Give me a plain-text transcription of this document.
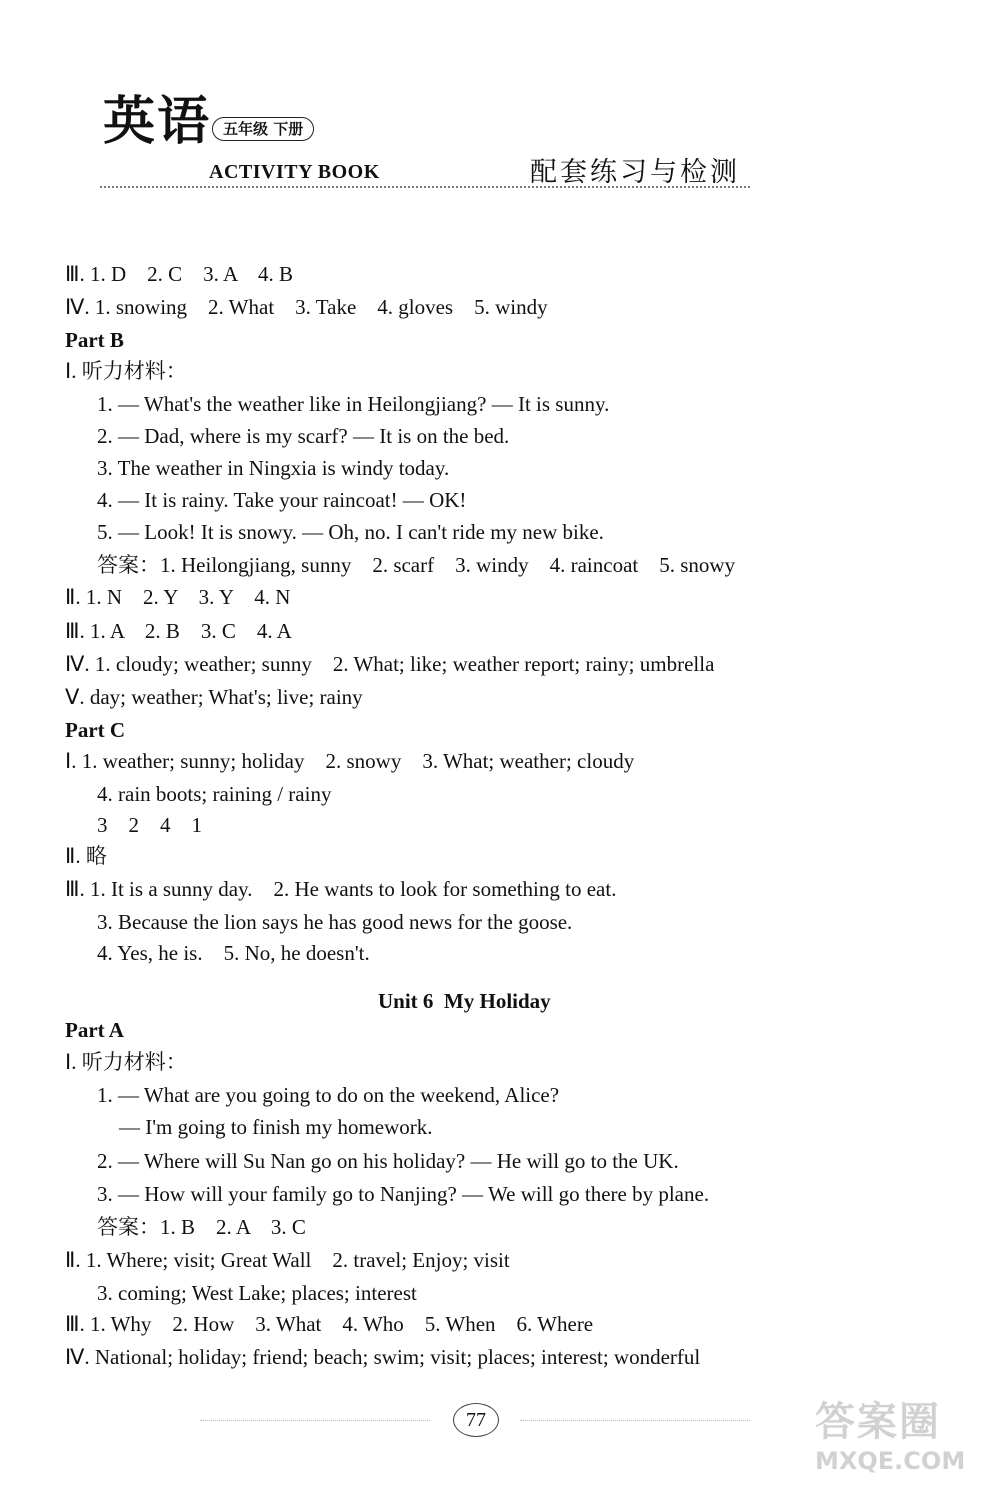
英语 五年级 下册
ACTIVITY BOOK	配套练习与检测
Ⅲ. 1. D    2. C    3. A    4. B
Ⅳ. 1. snowing    2. What    3. Take    4. gloves    5. windy
Part B
Ⅰ. 听力材料：
1. — What's the weather like in Heilongjiang? — It is sunny.
2. — Dad, where is my scarf? — It is on the bed.
3. The weather in Ningxia is windy today.
4. — It is rainy. Take your raincoat! — OK!
5. — Look! It is snowy. — Oh, no. I can't ride my new bike.
答案：1. Heilongjiang, sunny    2. scarf    3. windy    4. raincoat    5. snowy
Ⅱ. 1. N    2. Y    3. Y    4. N
Ⅲ. 1. A    2. B    3. C    4. A
Ⅳ. 1. cloudy; weather; sunny    2. What; like; weather report; rainy; umbrella
Ⅴ. day; weather; What's; live; rainy
Part C
Ⅰ. 1. weather; sunny; holiday    2. snowy    3. What; weather; cloudy
4. rain boots; raining / rainy
3    2    4    1
Ⅱ. 略
Ⅲ. 1. It is a sunny day.    2. He wants to look for something to eat.
3. Because the lion says he has good news for the goose.
4. Yes, he is.    5. No, he doesn't.
Unit 6  My Holiday
Part A
Ⅰ. 听力材料：
1. — What are you going to do on the weekend, Alice?
— I'm going to finish my homework.
2. — Where will Su Nan go on his holiday? — He will go to the UK.
3. — How will your family go to Nanjing? — We will go there by plane.
答案：1. B    2. A    3. C
Ⅱ. 1. Where; visit; Great Wall    2. travel; Enjoy; visit
3. coming; West Lake; places; interest
Ⅲ. 1. Why    2. How    3. What    4. Who    5. When    6. Where
Ⅳ. National; holiday; friend; beach; swim; visit; places; interest; wonderful
77	答案圈
MXQE.COM
